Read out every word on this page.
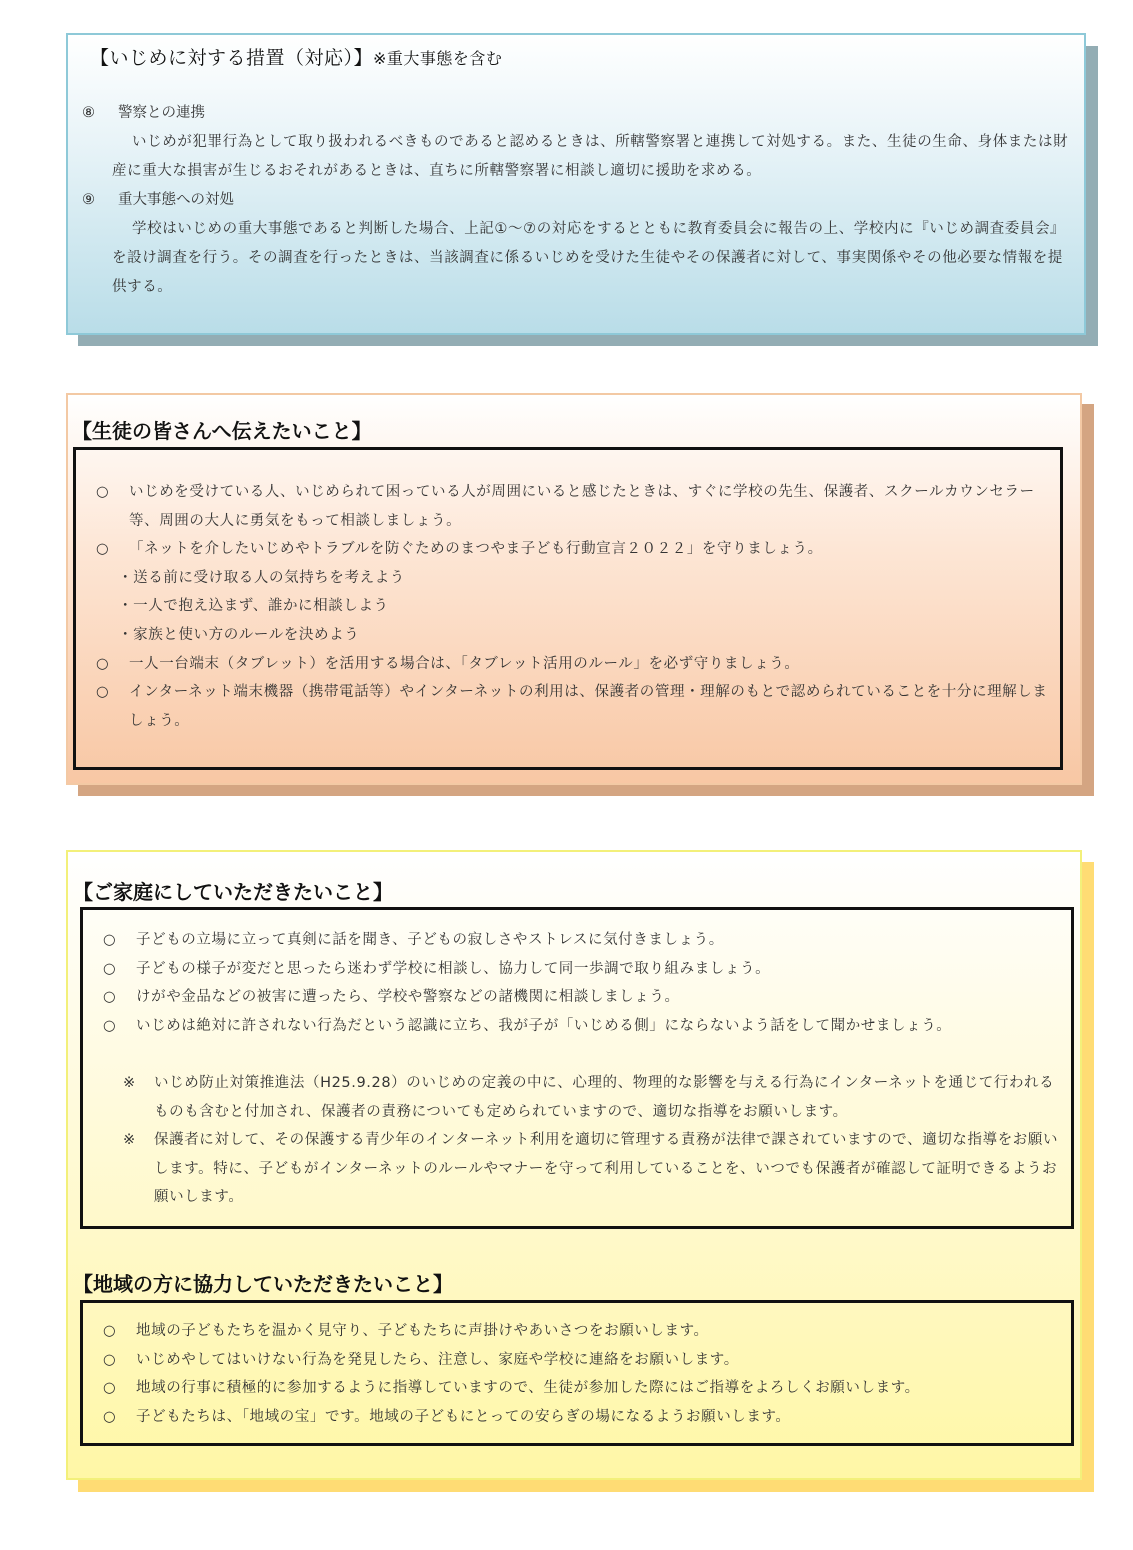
【いじめに対する措置（対応）】※重大事態を含む
⑧ 警察との連携
いじめが犯罪行為として取り扱われるべきものであると認めるときは、所轄警察署と連携して対処する。また、生徒の生命、身体または財産に重大な損害が生じるおそれがあるときは、直ちに所轄警察署に相談し適切に援助を求める。
⑨ 重大事態への対処
学校はいじめの重大事態であると判断した場合、上記①～⑦の対応をするとともに教育委員会に報告の上、学校内に『いじめ調査委員会』を設け調査を行う。その調査を行ったときは、当該調査に係るいじめを受けた生徒やその保護者に対して、事実関係やその他必要な情報を提供する。
【生徒の皆さんへ伝えたいこと】
○ いじめを受けている人、いじめられて困っている人が周囲にいると感じたときは、すぐに学校の先生、保護者、スクールカウンセラー等、周囲の大人に勇気をもって相談しましょう。
○ 「ネットを介したいじめやトラブルを防ぐためのまつやま子ども行動宣言２０２２」を守りましょう。
・送る前に受け取る人の気持ちを考えよう
・一人で抱え込まず、誰かに相談しよう
・家族と使い方のルールを決めよう
○ 一人一台端末（タブレット）を活用する場合は、「タブレット活用のルール」を必ず守りましょう。
○ インターネット端末機器（携帯電話等）やインターネットの利用は、保護者の管理・理解のもとで認められていることを十分に理解しましょう。
【ご家庭にしていただきたいこと】
○ 子どもの立場に立って真剣に話を聞き、子どもの寂しさやストレスに気付きましょう。
○ 子どもの様子が変だと思ったら迷わず学校に相談し、協力して同一歩調で取り組みましょう。
○ けがや金品などの被害に遭ったら、学校や警察などの諸機関に相談しましょう。
○ いじめは絶対に許されない行為だという認識に立ち、我が子が「いじめる側」にならないよう話をして聞かせましょう。
※ いじめ防止対策推進法（H25.9.28）のいじめの定義の中に、心理的、物理的な影響を与える行為にインターネットを通じて行われるものも含むと付加され、保護者の責務についても定められていますので、適切な指導をお願いします。
※ 保護者に対して、その保護する青少年のインターネット利用を適切に管理する責務が法律で課されていますので、適切な指導をお願いします。特に、子どもがインターネットのルールやマナーを守って利用していることを、いつでも保護者が確認して証明できるようお願いします。
【地域の方に協力していただきたいこと】
○ 地域の子どもたちを温かく見守り、子どもたちに声掛けやあいさつをお願いします。
○ いじめやしてはいけない行為を発見したら、注意し、家庭や学校に連絡をお願いします。
○ 地域の行事に積極的に参加するように指導していますので、生徒が参加した際にはご指導をよろしくお願いします。
○ 子どもたちは、「地域の宝」です。地域の子どもにとっての安らぎの場になるようお願いします。
